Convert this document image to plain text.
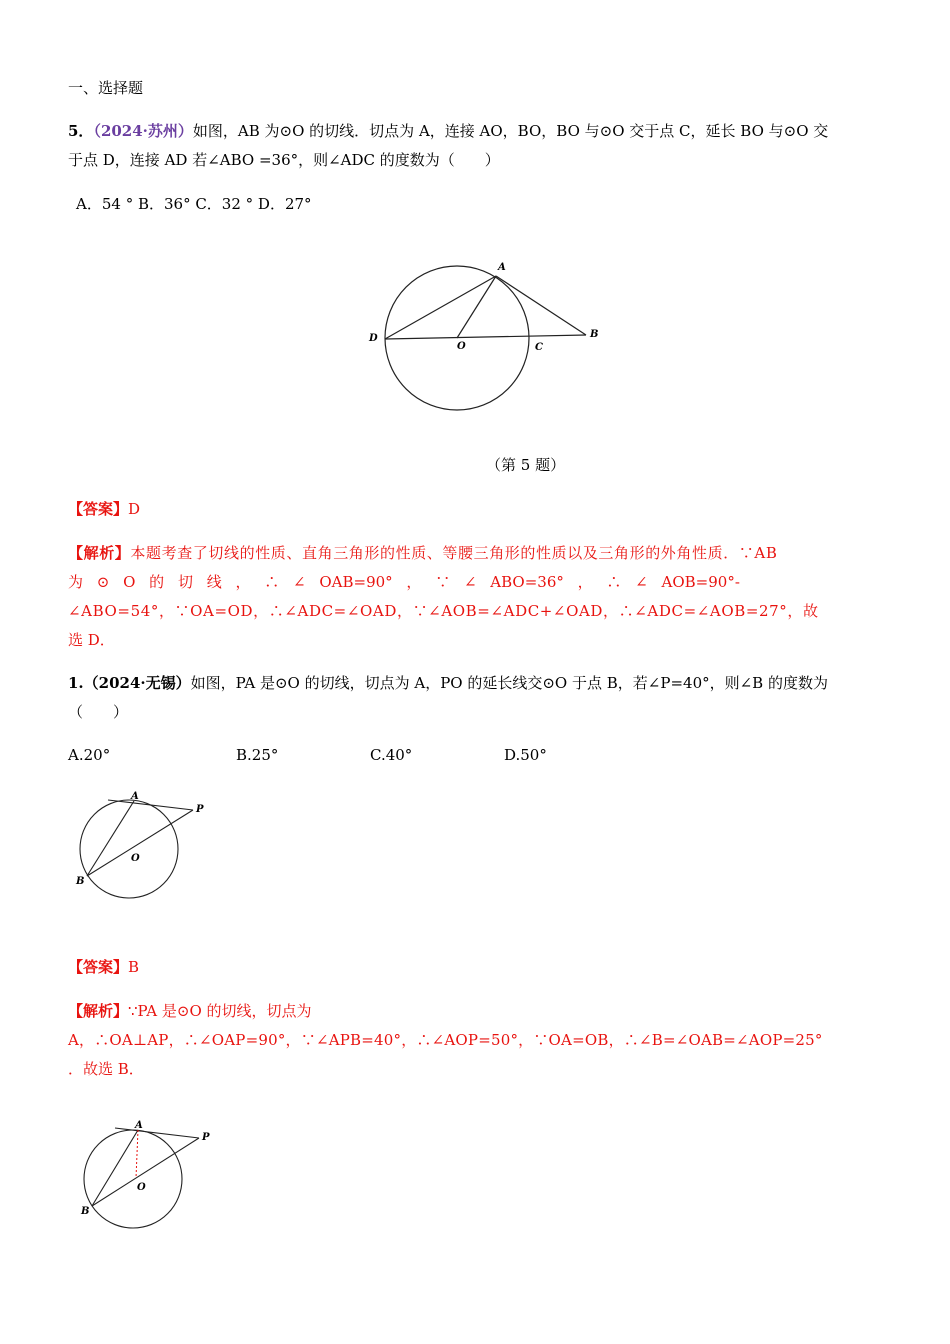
一、选择题
5．（2024·苏州）如图，AB 为⊙O 的切线．切点为 A，连接 AO，BO，BO 与⊙O 交于点 C，延长 BO 与⊙O 交
于点 D，连接 AD 若∠ABO =36°，则∠ADC 的度数为（　　）
A．54 ° B．36° C．32 ° D．27°
A
B
C
D
O
（第 5 题）
【答案】D
【解析】本题考查了切线的性质、直角三角形的性质、等腰三角形的性质以及三角形的外角性质．∵AB
为 ⊙ O 的 切 线 ， ∴ ∠ OAB=90° ， ∵ ∠ ABO=36° ， ∴ ∠ AOB=90°-
∠ABO=54°，∵OA=OD，∴∠ADC=∠OAD，∵∠AOB=∠ADC+∠OAD，∴∠ADC=∠AOB=27°，故
选 D．
1.（2024·无锡）如图，PA 是⊙O 的切线，切点为 A，PO 的延长线交⊙O 于点 B，若∠P=40°，则∠B 的度数为
（　　）
A.20°	B.25°	C.40°	D.50°
A
P
O
B
【答案】B
【解析】∵PA 是⊙O 的切线，切点为
A，∴OA⊥AP，∴∠OAP=90°，∵∠APB=40°，∴∠AOP=50°，∵OA=OB，∴∠B=∠OAB=∠AOP=25°
．故选 B．
A
P
O
B
